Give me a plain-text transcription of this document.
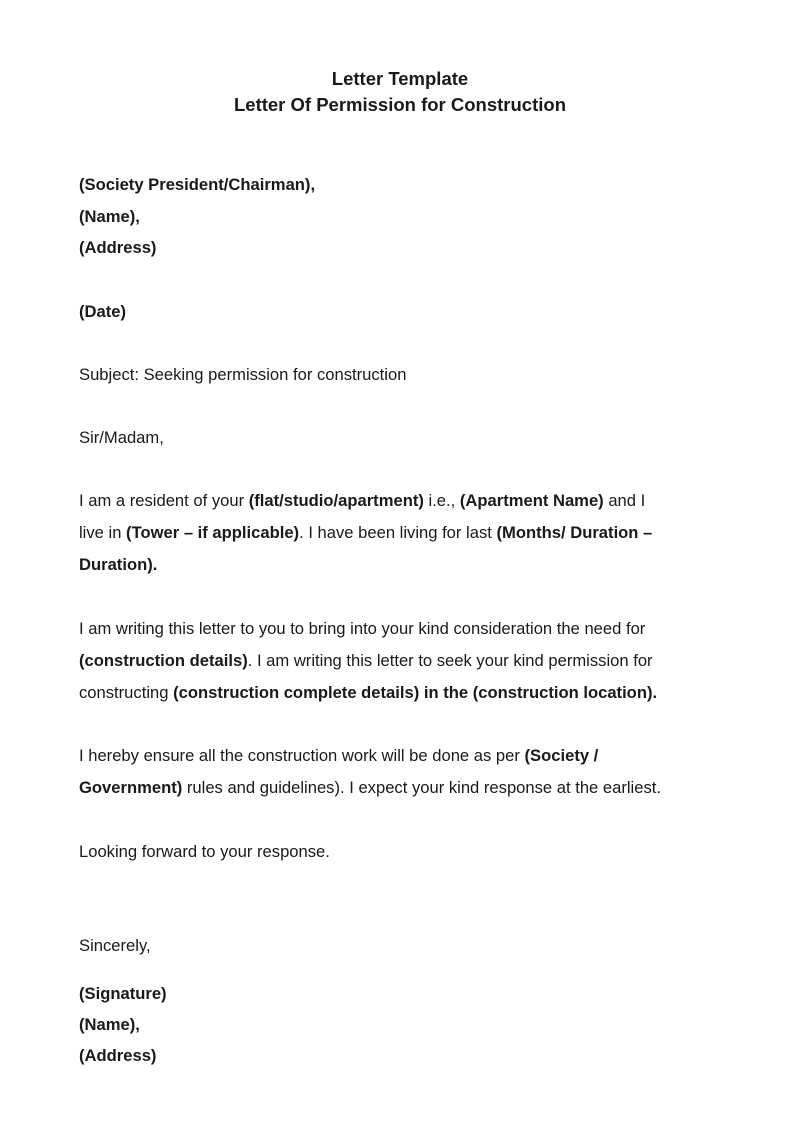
Letter Template
Letter Of Permission for Construction
(Society President/Chairman),
(Name),
(Address)
(Date)
Subject: Seeking permission for construction
Sir/Madam,
I am a resident of your (flat/studio/apartment) i.e., (Apartment Name) and I
live in (Tower – if applicable). I have been living for last (Months/ Duration –
Duration).
I am writing this letter to you to bring into your kind consideration the need for
(construction details). I am writing this letter to seek your kind permission for
constructing (construction complete details) in the (construction location).
I hereby ensure all the construction work will be done as per (Society /
Government) rules and guidelines). I expect your kind response at the earliest.
Looking forward to your response.
Sincerely,
(Signature)
(Name),
(Address)
